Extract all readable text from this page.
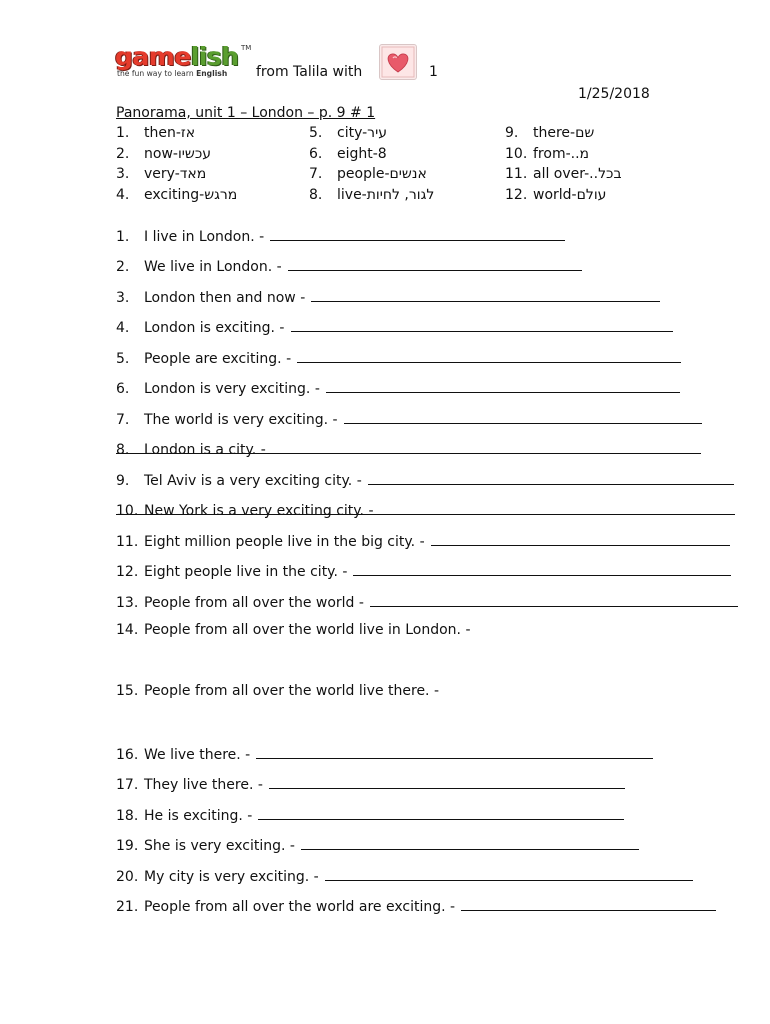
gamelish TM
the fun way to learn English from Talila with	1
1/25/2018
Panorama, unit 1 – London – p. 9 # 1
1.	then-אז
2.	now-עכשיו
3.	very-מאד
4.	exciting-מרגש
5.	city-עיר
6.	eight-8
7.	people-אנשים
8.	live-לגור, לחיות
9.	there-שם
10. from-..מ
11. all over-..בכל
12. world-עולם
1.	I live in London. -
2.	We live in London. -
3.	London then and now -
4.	London is exciting. -
5.	People are exciting. -
6.	London is very exciting. -
7.	The world is very exciting. -
8.	London is a city. -
9.	Tel Aviv is a very exciting city. -
10. New York is a very exciting city. -
11. Eight million people live in the big city. -
12. Eight people live in the city. -
13. People from all over the world -
14. People from all over the world live in London. -
15. People from all over the world live there. -
16. We live there. -
17. They live there. -
18. He is exciting. -
19. She is very exciting. -
20. My city is very exciting. -
21. People from all over the world are exciting. -
